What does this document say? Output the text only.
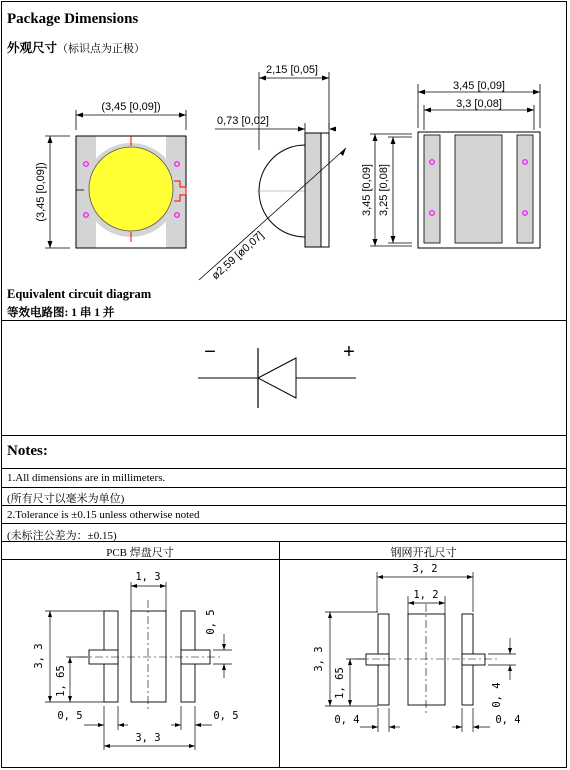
Package Dimensions
外观尺寸（标识点为正极）
(3,45 [0,09])
(3,45 [0,09])
2,15 [0,05]
0,73 [0,02]
ø2,59 [ø0,07]
3,45 [0,09]
3,3 [0,08]
3,45 [0,09] 3,25 [0,08]
Equivalent circuit diagram
等效电路图: 1 串 1 并
−	+
Notes:
1.All dimensions are in millimeters.
(所有尺寸以毫米为单位)
2.Tolerance is ±0.15 unless otherwise noted
(未标注公差为：±0.15)
PCB 焊盘尺寸	钢网开孔尺寸
1, 3
3, 3
1, 65
0, 5
0, 5	0, 5
3, 3
3, 2
1, 2
3, 3
1, 65	0, 4
0, 4	0, 4
